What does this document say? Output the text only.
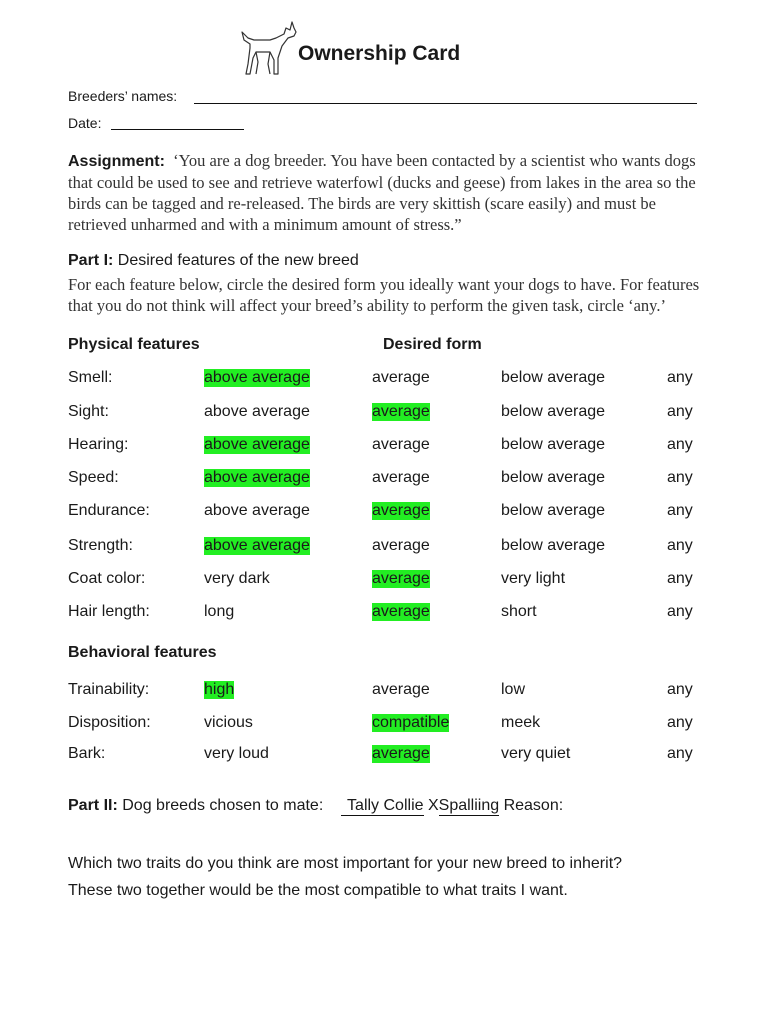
Ownership Card
Breeders’ names:
Date:
Assignment: ‘You are a dog breeder. You have been contacted by a scientist who wants dogs that could be used to see and retrieve waterfowl (ducks and geese) from lakes in the area so the birds can be tagged and re-released. The birds are very skittish (scare easily) and must be retrieved unharmed and with a minimum amount of stress.”
Part I: Desired features of the new breed
For each feature below, circle the desired form you ideally want your dogs to have. For features that you do not think will affect your breed’s ability to perform the given task, circle ‘any.’
Physical features	Desired form
Smell:	above average	average	below average	any
Sight:	above average	average	below average	any
Hearing:	above average	average	below average	any
Speed:	above average	average	below average	any
Endurance:	above average	average	below average	any
Strength:	above average	average	below average	any
Coat color:	very dark	average	very light	any
Hair length:	long	average	short	any
Behavioral features
Trainability:	high	average	low	any
Disposition:	vicious	compatible	meek	any
Bark:	very loud	average	very quiet	any
Part II: Dog breeds chosen to mate: Tally Collie XSpalliing Reason:
Which two traits do you think are most important for your new breed to inherit?
These two together would be the most compatible to what traits I want.
